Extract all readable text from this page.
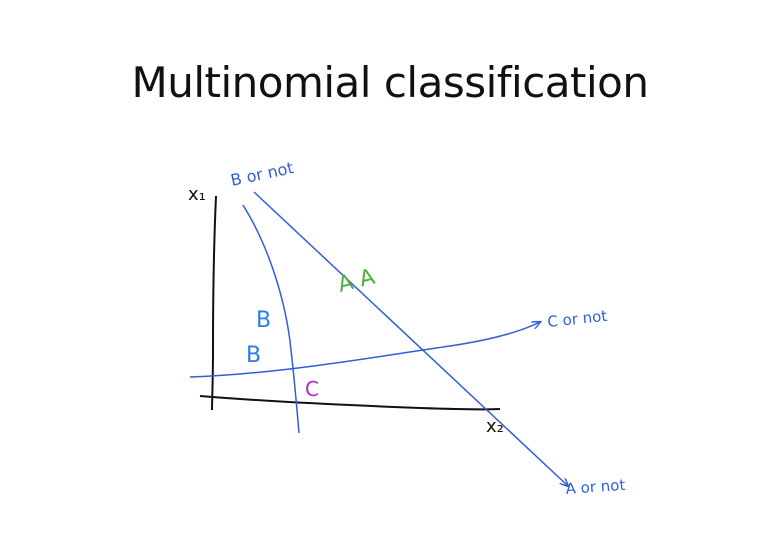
Multinomial classification
x₁
x₂
B or not
C or not
A or not
A A
B
B
C
